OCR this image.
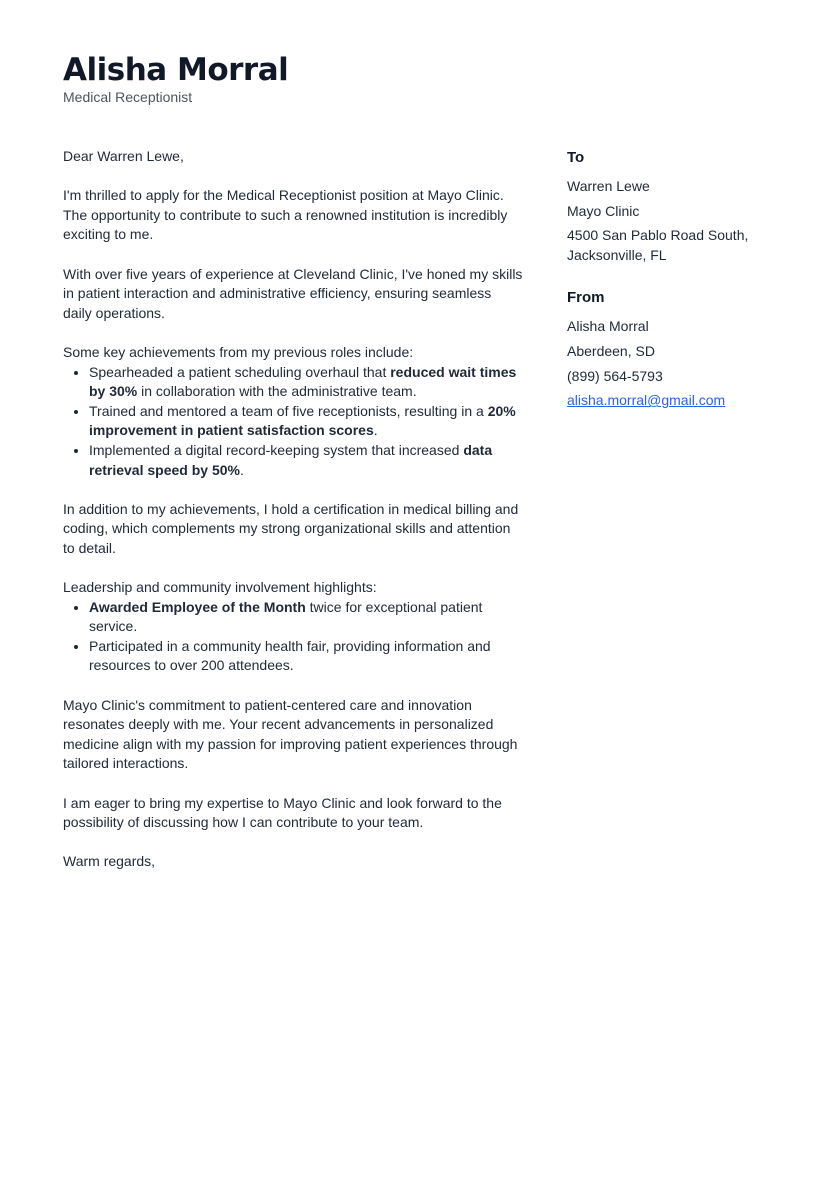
Alisha Morral
Medical Receptionist

Dear Warren Lewe,

I'm thrilled to apply for the Medical Receptionist position at Mayo Clinic. The opportunity to contribute to such a renowned institution is incredibly exciting to me.

With over five years of experience at Cleveland Clinic, I've honed my skills in patient interaction and administrative efficiency, ensuring seamless daily operations.

Some key achievements from my previous roles include:

• Spearheaded a patient scheduling overhaul that reduced wait times by 30% in collaboration with the administrative team.
• Trained and mentored a team of five receptionists, resulting in a 20% improvement in patient satisfaction scores.
• Implemented a digital record-keeping system that increased data retrieval speed by 50%.

In addition to my achievements, I hold a certification in medical billing and coding, which complements my strong organizational skills and attention to detail.

Leadership and community involvement highlights:

• Awarded Employee of the Month twice for exceptional patient service.
• Participated in a community health fair, providing information and resources to over 200 attendees.

Mayo Clinic's commitment to patient-centered care and innovation resonates deeply with me. Your recent advancements in personalized medicine align with my passion for improving patient experiences through tailored interactions.

I am eager to bring my expertise to Mayo Clinic and look forward to the possibility of discussing how I can contribute to your team.

Warm regards,

To
Warren Lewe
Mayo Clinic
4500 San Pablo Road South, Jacksonville, FL
From
Alisha Morral
Aberdeen, SD
(899) 564-5793
alisha.morral@gmail.com
